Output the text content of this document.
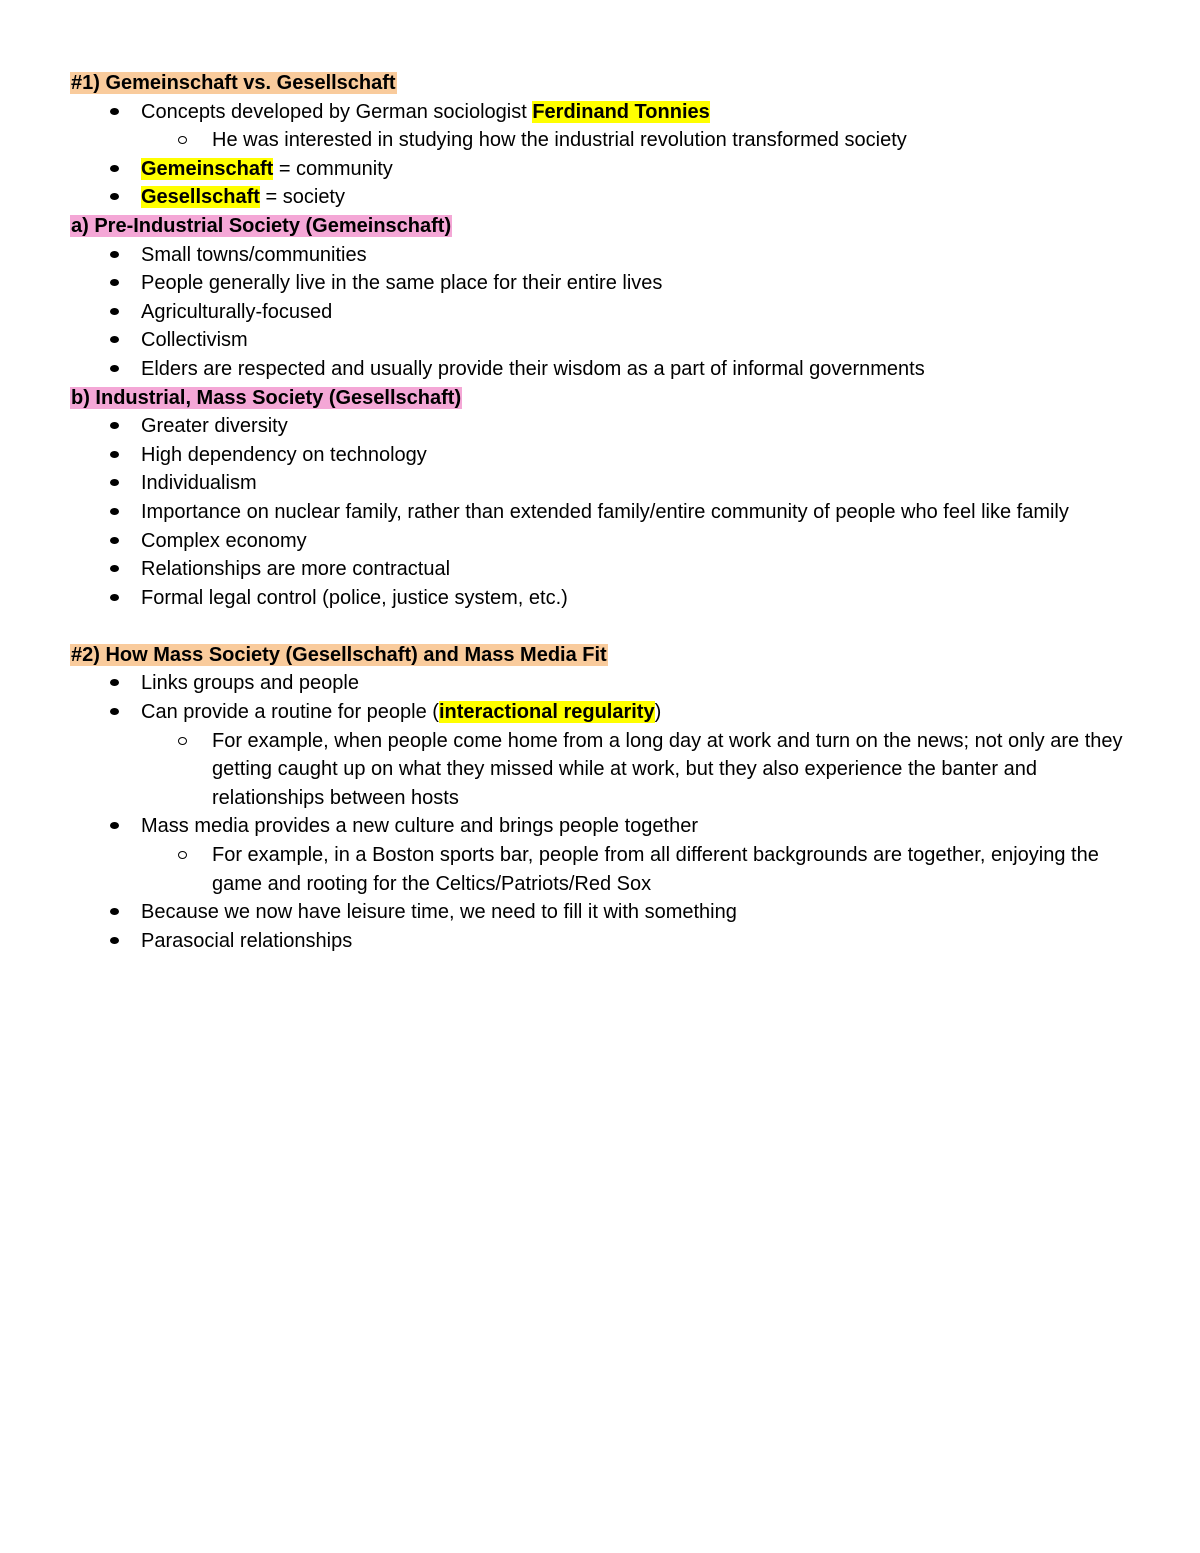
#1) Gemeinschaft vs. Gesellschaft
Concepts developed by German sociologist Ferdinand Tonnies
He was interested in studying how the industrial revolution transformed society
Gemeinschaft = community
Gesellschaft = society
a) Pre-Industrial Society (Gemeinschaft)
Small towns/communities
People generally live in the same place for their entire lives
Agriculturally-focused
Collectivism
Elders are respected and usually provide their wisdom as a part of informal governments
b) Industrial, Mass Society (Gesellschaft)
Greater diversity
High dependency on technology
Individualism
Importance on nuclear family, rather than extended family/entire community of people who feel like family
Complex economy
Relationships are more contractual
Formal legal control (police, justice system, etc.)
#2) How Mass Society (Gesellschaft) and Mass Media Fit
Links groups and people
Can provide a routine for people (interactional regularity)
For example, when people come home from a long day at work and turn on the news; not only are they getting caught up on what they missed while at work, but they also experience the banter and relationships between hosts
Mass media provides a new culture and brings people together
For example, in a Boston sports bar, people from all different backgrounds are together, enjoying the game and rooting for the Celtics/Patriots/Red Sox
Because we now have leisure time, we need to fill it with something
Parasocial relationships
